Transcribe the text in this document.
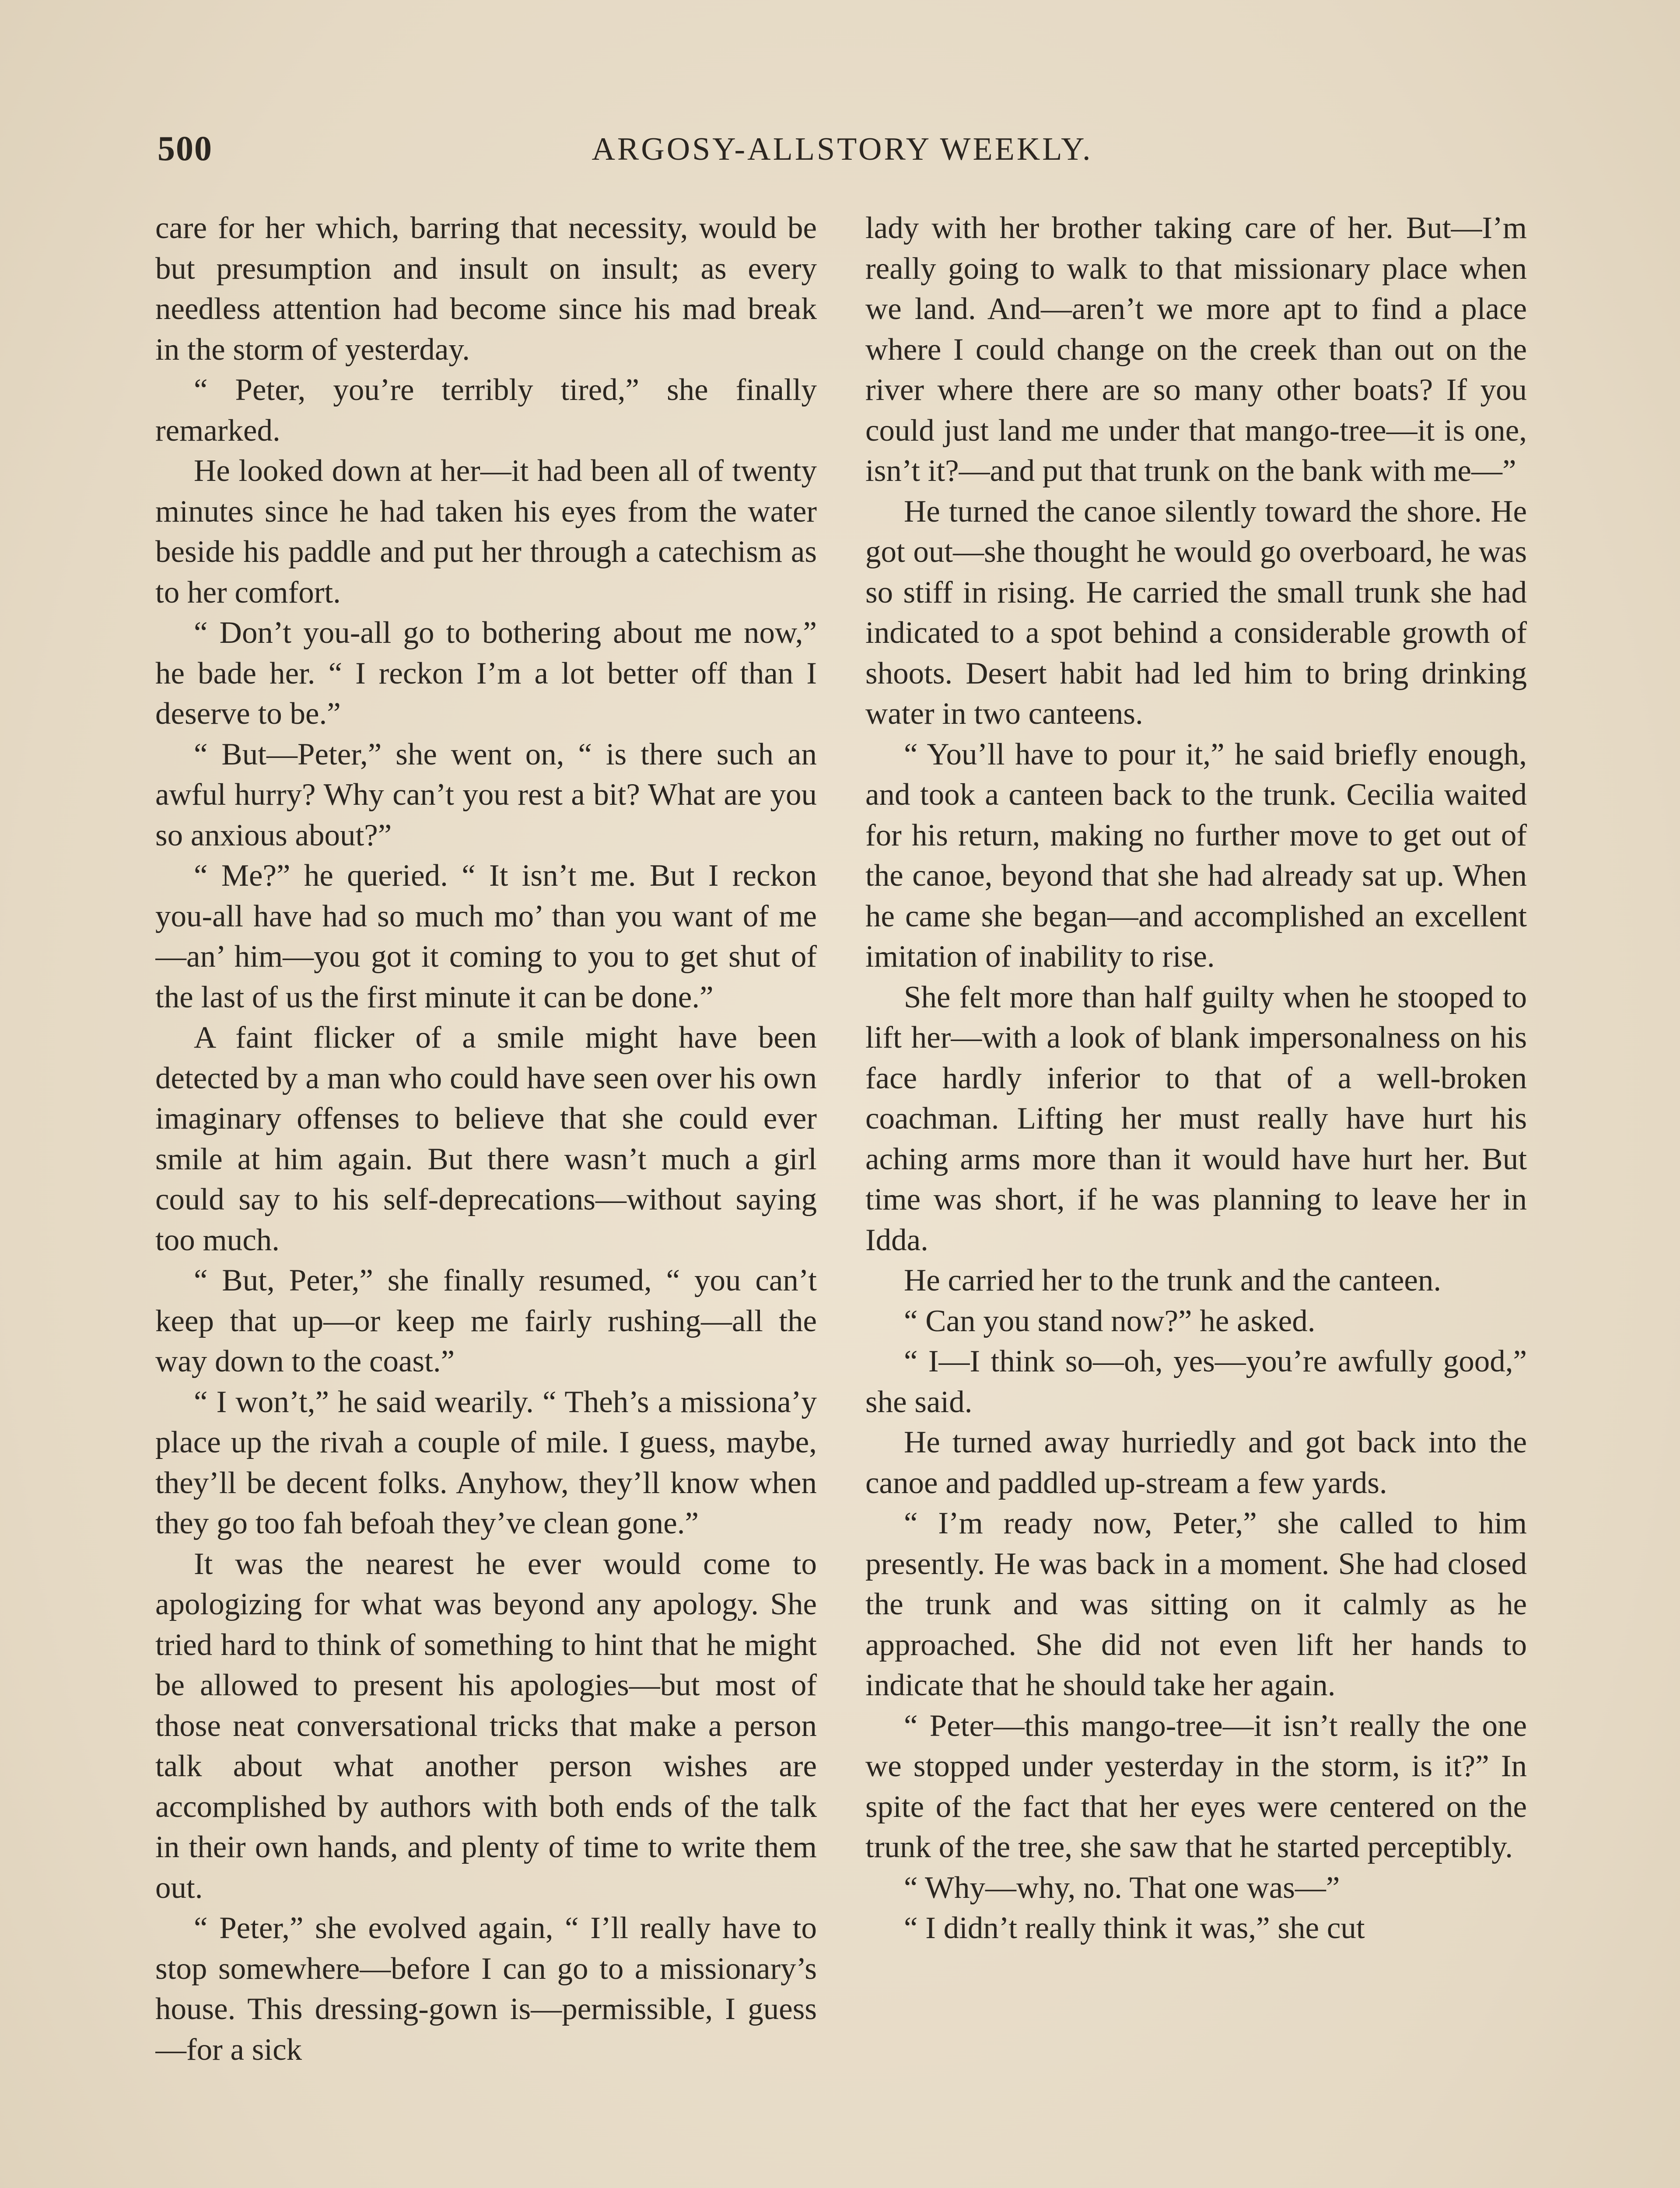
500	ARGOSY-ALLSTORY WEEKLY.

care for her which, barring that necessity, would be but presumption and insult on insult; as every needless attention had become since his mad break in the storm of yesterday.

“ Peter, you’re terribly tired,” she finally remarked.

He looked down at her—it had been all of twenty minutes since he had taken his eyes from the water beside his paddle and put her through a catechism as to her comfort.

“ Don’t you-all go to bothering about me now,” he bade her. “ I reckon I’m a lot better off than I deserve to be.”

“ But—Peter,” she went on, “ is there such an awful hurry? Why can’t you rest a bit? What are you so anxious about?”

“ Me?” he queried. “ It isn’t me. But I reckon you-all have had so much mo’ than you want of me—an’ him—you got it coming to you to get shut of the last of us the first minute it can be done.”

A faint flicker of a smile might have been detected by a man who could have seen over his own imaginary offenses to believe that she could ever smile at him again. But there wasn’t much a girl could say to his self-deprecations—without saying too much.

“ But, Peter,” she finally resumed, “ you can’t keep that up—or keep me fairly rushing—all the way down to the coast.”

“ I won’t,” he said wearily. “ Theh’s a missiona’y place up the rivah a couple of mile. I guess, maybe, they’ll be decent folks. Anyhow, they’ll know when they go too fah befoah they’ve clean gone.”

It was the nearest he ever would come to apologizing for what was beyond any apology. She tried hard to think of something to hint that he might be allowed to present his apologies—but most of those neat conversational tricks that make a person talk about what another person wishes are accomplished by authors with both ends of the talk in their own hands, and plenty of time to write them out.

“ Peter,” she evolved again, “ I’ll really have to stop somewhere—before I can go to a missionary’s house. This dressing-gown is—permissible, I guess—for a sick

lady with her brother taking care of her. But—I’m really going to walk to that missionary place when we land. And—aren’t we more apt to find a place where I could change on the creek than out on the river where there are so many other boats? If you could just land me under that mango-tree—it is one, isn’t it?—and put that trunk on the bank with me—”

He turned the canoe silently toward the shore. He got out—she thought he would go overboard, he was so stiff in rising. He carried the small trunk she had indicated to a spot behind a considerable growth of shoots. Desert habit had led him to bring drinking water in two canteens.

“ You’ll have to pour it,” he said briefly enough, and took a canteen back to the trunk. Cecilia waited for his return, making no further move to get out of the canoe, beyond that she had already sat up. When he came she began—and accomplished an excellent imitation of inability to rise.

She felt more than half guilty when he stooped to lift her—with a look of blank impersonalness on his face hardly inferior to that of a well-broken coachman. Lifting her must really have hurt his aching arms more than it would have hurt her. But time was short, if he was planning to leave her in Idda.

He carried her to the trunk and the canteen.

“ Can you stand now?” he asked.

“ I—I think so—oh, yes—you’re awfully good,” she said.

He turned away hurriedly and got back into the canoe and paddled up-stream a few yards.

“ I’m ready now, Peter,” she called to him presently. He was back in a moment. She had closed the trunk and was sitting on it calmly as he approached. She did not even lift her hands to indicate that he should take her again.

“ Peter—this mango-tree—it isn’t really the one we stopped under yesterday in the storm, is it?” In spite of the fact that her eyes were centered on the trunk of the tree, she saw that he started perceptibly.

“ Why—why, no. That one was—”

“ I didn’t really think it was,” she cut
